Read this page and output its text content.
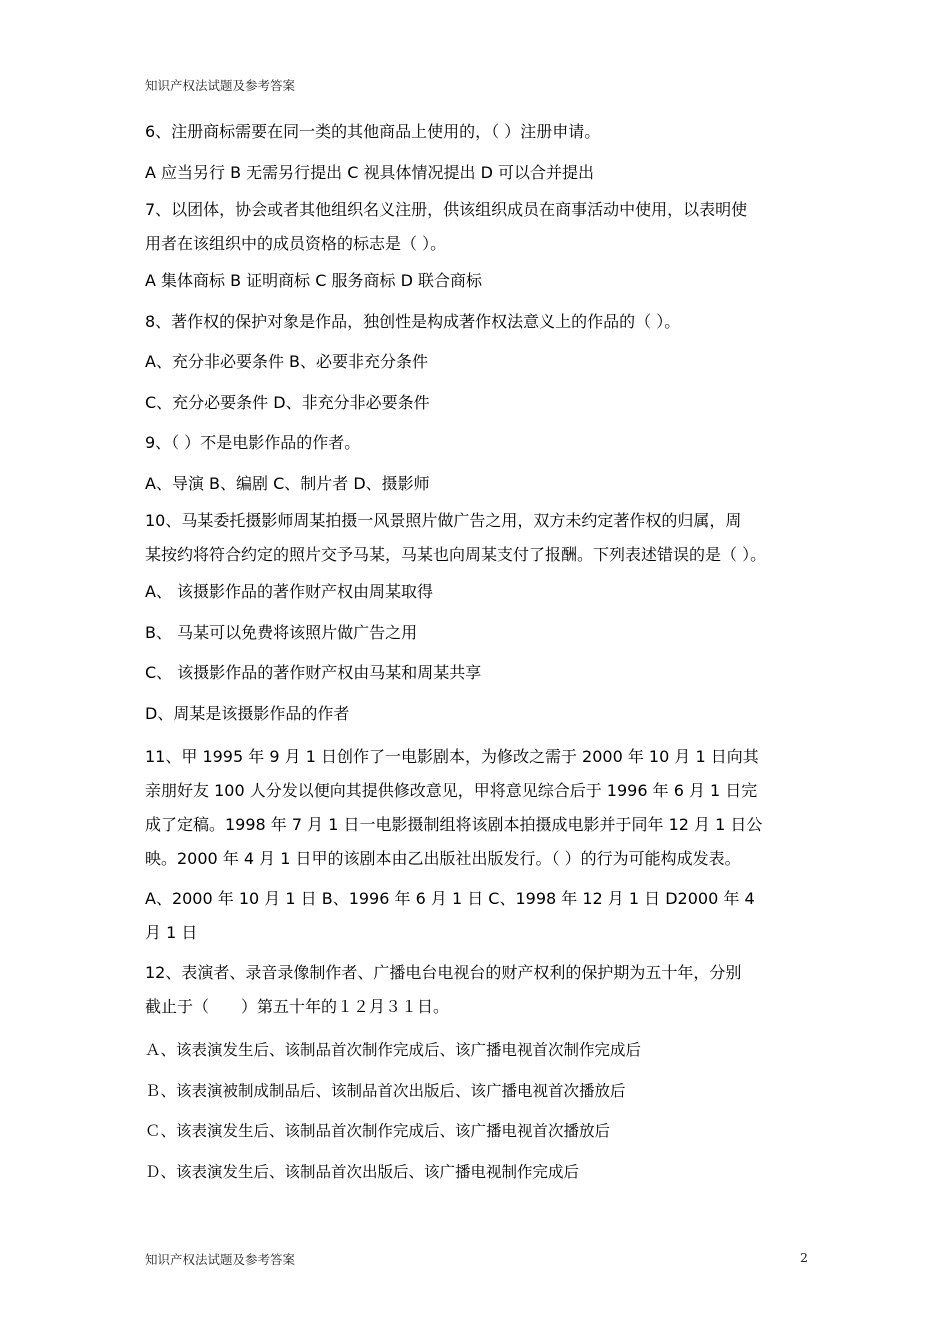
知识产权法试题及参考答案
6、注册商标需要在同一类的其他商品上使用的，（ ）注册申请。
A 应当另行 B 无需另行提出 C 视具体情况提出 D 可以合并提出
7、以团体，协会或者其他组织名义注册，供该组织成员在商事活动中使用，以表明使
用者在该组织中的成员资格的标志是（ ）。
A 集体商标 B 证明商标 C 服务商标 D 联合商标
8、著作权的保护对象是作品，独创性是构成著作权法意义上的作品的（ ）。
A、充分非必要条件 B、必要非充分条件
C、充分必要条件 D、非充分非必要条件
9、（ ）不是电影作品的作者。
A、导演 B、编剧 C、制片者 D、摄影师
10、马某委托摄影师周某拍摄一风景照片做广告之用，双方未约定著作权的归属，周
某按约将符合约定的照片交予马某，马某也向周某支付了报酬。下列表述错误的是（ ）。
A、 该摄影作品的著作财产权由周某取得
B、 马某可以免费将该照片做广告之用
C、 该摄影作品的著作财产权由马某和周某共享
D、周某是该摄影作品的作者
11、甲 1995 年 9 月 1 日创作了一电影剧本，为修改之需于 2000 年 10 月 1 日向其
亲朋好友 100 人分发以便向其提供修改意见，甲将意见综合后于 1996 年 6 月 1 日完
成了定稿。1998 年 7 月 1 日一电影摄制组将该剧本拍摄成电影并于同年 12 月 1 日公
映。2000 年 4 月 1 日甲的该剧本由乙出版社出版发行。（ ）的行为可能构成发表。
A、2000 年 10 月 1 日 B、1996 年 6 月 1 日 C、1998 年 12 月 1 日 D2000 年 4
月 1 日
12、表演者、录音录像制作者、广播电台电视台的财产权利的保护期为五十年，分别
截止于（　　）第五十年的１２月３１日。
Ａ、该表演发生后、该制品首次制作完成后、该广播电视首次制作完成后
Ｂ、该表演被制成制品后、该制品首次出版后、该广播电视首次播放后
Ｃ、该表演发生后、该制品首次制作完成后、该广播电视首次播放后
Ｄ、该表演发生后、该制品首次出版后、该广播电视制作完成后
知识产权法试题及参考答案	2
